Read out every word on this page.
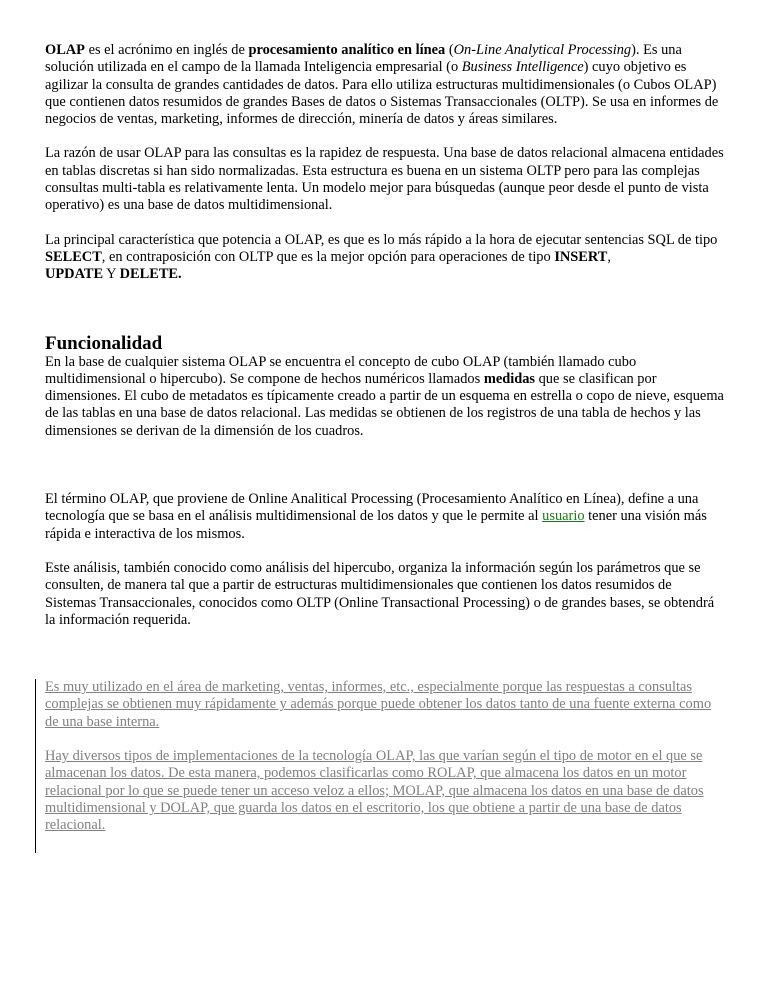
OLAP es el acrónimo en inglés de procesamiento analítico en línea (On-Line Analytical Processing). Es una solución utilizada en el campo de la llamada Inteligencia empresarial (o Business Intelligence) cuyo objetivo es agilizar la consulta de grandes cantidades de datos. Para ello utiliza estructuras multidimensionales (o Cubos OLAP) que contienen datos resumidos de grandes Bases de datos o Sistemas Transaccionales (OLTP). Se usa en informes de negocios de ventas, marketing, informes de dirección, minería de datos y áreas similares.

La razón de usar OLAP para las consultas es la rapidez de respuesta. Una base de datos relacional almacena entidades en tablas discretas si han sido normalizadas. Esta estructura es buena en un sistema OLTP pero para las complejas consultas multi-tabla es relativamente lenta. Un modelo mejor para búsquedas (aunque peor desde el punto de vista operativo) es una base de datos multidimensional.

La principal característica que potencia a OLAP, es que es lo más rápido a la hora de ejecutar sentencias SQL de tipo SELECT, en contraposición con OLTP que es la mejor opción para operaciones de tipo INSERT,
UPDATE Y DELETE.

Funcionalidad

En la base de cualquier sistema OLAP se encuentra el concepto de cubo OLAP (también llamado cubo multidimensional o hipercubo). Se compone de hechos numéricos llamados medidas que se clasifican por dimensiones. El cubo de metadatos es típicamente creado a partir de un esquema en estrella o copo de nieve, esquema de las tablas en una base de datos relacional. Las medidas se obtienen de los registros de una tabla de hechos y las dimensiones se derivan de la dimensión de los cuadros.

El término OLAP, que proviene de Online Analitical Processing (Procesamiento Analítico en Línea), define a una tecnología que se basa en el análisis multidimensional de los datos y que le permite al usuario tener una visión más rápida e interactiva de los mismos.

Este análisis, también conocido como análisis del hipercubo, organiza la información según los parámetros que se consulten, de manera tal que a partir de estructuras multidimensionales que contienen los datos resumidos de Sistemas Transaccionales, conocidos como OLTP (Online Transactional Processing) o de grandes bases, se obtendrá la información requerida.

Es muy utilizado en el área de marketing, ventas, informes, etc., especialmente porque las respuestas a consultas complejas se obtienen muy rápidamente y además porque puede obtener los datos tanto de una fuente externa como de una base interna.

Hay diversos tipos de implementaciones de la tecnología OLAP, las que varían según el tipo de motor en el que se almacenan los datos. De esta manera, podemos clasificarlas como ROLAP, que almacena los datos en un motor relacional por lo que se puede tener un acceso veloz a ellos; MOLAP, que almacena los datos en una base de datos multidimensional y DOLAP, que guarda los datos en el escritorio, los que obtiene a partir de una base de datos relacional.
